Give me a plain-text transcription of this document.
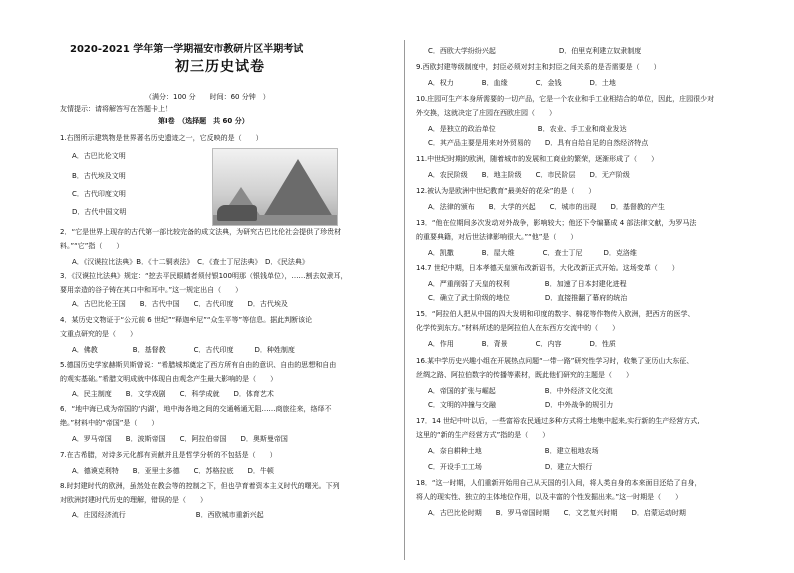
2020-2021 学年第一学期福安市教研片区半期考试
初三历史试卷
（满分：100 分　　时间：60 分钟　）
友情提示：请将解答写在答题卡上！
第Ⅰ卷　（选择题　共 60 分）
1.右图所示建筑物是世界著名历史遗迹之一，它反映的是（　　）
A．古巴比伦文明
B．古代埃及文明
C．古代印度文明
D．古代中国文明
2．“它是世界上现存的古代第一部比较完备的成文法典，为研究古巴比伦社会提供了珍贵材
料。”“它”指（　　）
A．《汉谟拉比法典》B．《十二铜表法》　C．《查士丁尼法典》　D．《民法典》
3．《汉谟拉比法典》规定：“挖去平民眼睛者须付银100明那（银钱单位），……割去奴隶耳，
要用亲造的谷子铸在其口中和耳中。”这一规定出自（　　）
A．古巴比伦王国　　B．古代中国　　C．古代印度　　D．古代埃及
4．某历史文物证于“公元前 6 世纪”“释迦牟尼”“众生平等”等信息。据此判断该论
文重点研究的是（　　）
A．佛教　　　　　B．基督教　　　　C．古代印度　　　D．种姓制度
5.德国历史学家赫斯贝斯曾说：“希腊城邦奠定了西方所有自由的意识、自由的思想和自由
的观实基础。”希腊文明成就中体现自由观念产生最大影响的是（　　）
A．民主制度　　B．文学戏剧　　C．科学成就　　D．体育艺术
6．“地中海已成为帝国的‘内湖’，地中海各地之间的交通畅通无阻……商旅往来，络绎不
绝。”材料中的“帝国”是（　　）
A．罗马帝国　　B．波斯帝国　　C．阿拉伯帝国　　D．奥斯曼帝国
7.在古希腊，对诗多元化都有贡献并且是哲学分析的不包括是（　　）
A．德谟克利特　　B．亚里士多德　　C．苏格拉底　　D．牛顿
8.时封建时代的欧洲，虽然处在教会等的控制之下，但也孕育着资本主义时代的曙光。下列
对欧洲封建时代历史的理解，错误的是（　　）
A．庄园经济流行　　　　　　　　　　B．西欧城市重新兴起
C．西欧大学纷纷兴起　　　　　　　　　D．伯里克利建立奴隶制度
9.西欧封建等级制度中，封臣必须对封主和封臣之间关系的是否需要是（　　）
A．权力　　　　B．血缘　　　　C．金钱　　　　D．土地
10.庄园可生产本身所需要的一切产品，它是一个农业和手工业相结合的单位，因此，庄园很少对
外交换，这就决定了庄园在西欧庄园（　　）
A．是独立的政治单位　　　　　　B．农业、手工业和商业发达
C．其产品主要是用来对外贸易的　　D．具有自给自足的自然经济特点
11.中世纪时期的欧洲，随着城市的发展和工商业的繁荣，逐渐形成了（　　）
A．农民阶级　　B．地主阶级　　C．市民阶层　　D．无产阶级
12.被认为是欧洲中世纪教育“最美好的花朵”的是（　　）
A．法律的颁布　　B．大学的兴起　　C．城市的出现　　D．基督教的产生
13．“他在位期间多次发动对外战争，影响较大；他还下令编纂成 4 部法律文献，为罗马法
的重要典籍，对后世法律影响很大。”“他”是（　　）
A．凯撒　　　　B．屋大维　　　　C．查士丁尼　　　D．克洛维
14.7 世纪中期，日本孝德天皇颁布改新诏书，大化改新正式开始。这场变革（　　）
A．严重削弱了天皇的权利　　　　　B．加速了日本封建化进程
C．确立了武士阶级的地位　　　　　D．直接推翻了幕府的统治
15．“阿拉伯人把从中国的四大发明和印度的数字、棉花等作物传入欧洲，把西方的医学、
化学传到东方。”材料所述的是阿拉伯人在东西方交流中的（　　）
A．作用　　　　B．背景　　　　C．内容　　　　D．性质
16.某中学历史兴趣小组在开展热点问题“一带一路”研究性学习时，收集了亚历山大东征、
丝绸之路、阿拉伯数字的传播等素材，既此他们研究的主题是（　　）
A．帝国的扩张与崛起　　　　　　　B．中外经济文化交流
C．文明的冲撞与交融　　　　　　　D．中外战争的规引力
17．14 世纪中叶以后，一些富裕农民通过多种方式将土地集中起来,实行新的生产经营方式,
这里的“新的生产经营方式”指的是（　　）
A．奈自耕种土地　　　　　　　　　B．建立租地农场
C．开设手工工场　　　　　　　　　D．建立大银行
18．“这一时期，人们重新开始用自己从天国的引入间，将人类自身的本来面目还给了自身，
将人的现实性、独立的主体地位作用，以及丰富的个性发掘出来。”这一时期是（　　）
A．古巴比伦时期　　B．罗马帝国时期　　C．文艺复兴时期　　D．启蒙运动时期
